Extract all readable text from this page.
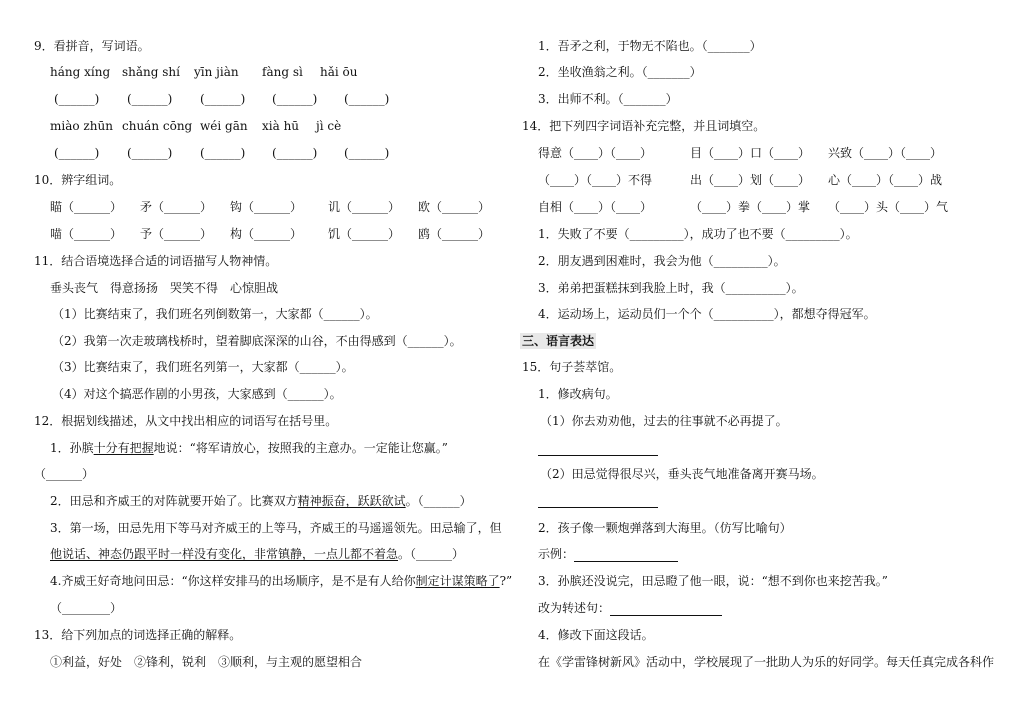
9．看拼音，写词语。
háng xíng shǎng shí yīn jiàn fàng sì hǎi ōu
(______) (______) (______) (______) (______)
miào zhūn chuán cōng wéi gān xià hū jì cè
(______) (______) (______) (______) (______)
10．辨字组词。
瞄（______） 矛（______） 钩（______） 讥（______） 欧（______）
喵（______） 予（______） 构（______） 饥（______） 鸥（______）
11．结合语境选择合适的词语描写人物神情。
垂头丧气　得意扬扬　哭笑不得　心惊胆战
（1）比赛结束了，我们班名列倒数第一，大家都（______）。
（2）我第一次走玻璃栈桥时，望着脚底深深的山谷，不由得感到（______）。
（3）比赛结束了，我们班名列第一，大家都（______）。
（4）对这个搞恶作剧的小男孩，大家感到（______）。
12．根据划线描述，从文中找出相应的词语写在括号里。
1．孙膑十分有把握地说：“将军请放心，按照我的主意办。一定能让您赢。”
（______）
2．田忌和齐威王的对阵就要开始了。比赛双方精神振奋，跃跃欲试。（______）
3．第一场，田忌先用下等马对齐威王的上等马，齐威王的马遥遥领先。田忌输了，但
他说话、神态仍跟平时一样没有变化，非常镇静，一点儿都不着急。（______）
4.齐威王好奇地问田忌：“你这样安排马的出场顺序，是不是有人给你制定计谋策略了?”
（________）
13．给下列加点的词选择正确的解释。
①利益，好处　②锋利，锐利　③顺利，与主观的愿望相合
1．吾矛之利，于物无不陷也。（_______）
2．坐收渔翁之利。（_______）
3．出师不利。（_______）
14．把下列四字词语补充完整，并且词填空。
得意（____）（____）	目（____）口（____） 兴致（____）（____）
（____）（____）不得	出（____）划（____） 心（____）（____）战
自相（____）（____）	（____）拳（____）掌 （____）头（____）气
1．失败了不要（_________），成功了也不要（_________）。
2．朋友遇到困难时，我会为他（_________）。
3．弟弟把蛋糕抹到我脸上时，我（__________）。
4．运动场上，运动员们一个个（__________），都想夺得冠军。
三、语言表达
15．句子荟萃馆。
1．修改病句。
（1）你去劝劝他，过去的往事就不必再提了。
（2）田忌觉得很尽兴，垂头丧气地准备离开赛马场。
2．孩子像一颗炮弹落到大海里。（仿写比喻句）
示例：
3．孙膑还没说完，田忌瞪了他一眼，说：“想不到你也来挖苦我。”
改为转述句：
4．修改下面这段话。
在《学雷锋树新风》活动中，学校展现了一批助人为乐的好同学。每天任真完成各科作
